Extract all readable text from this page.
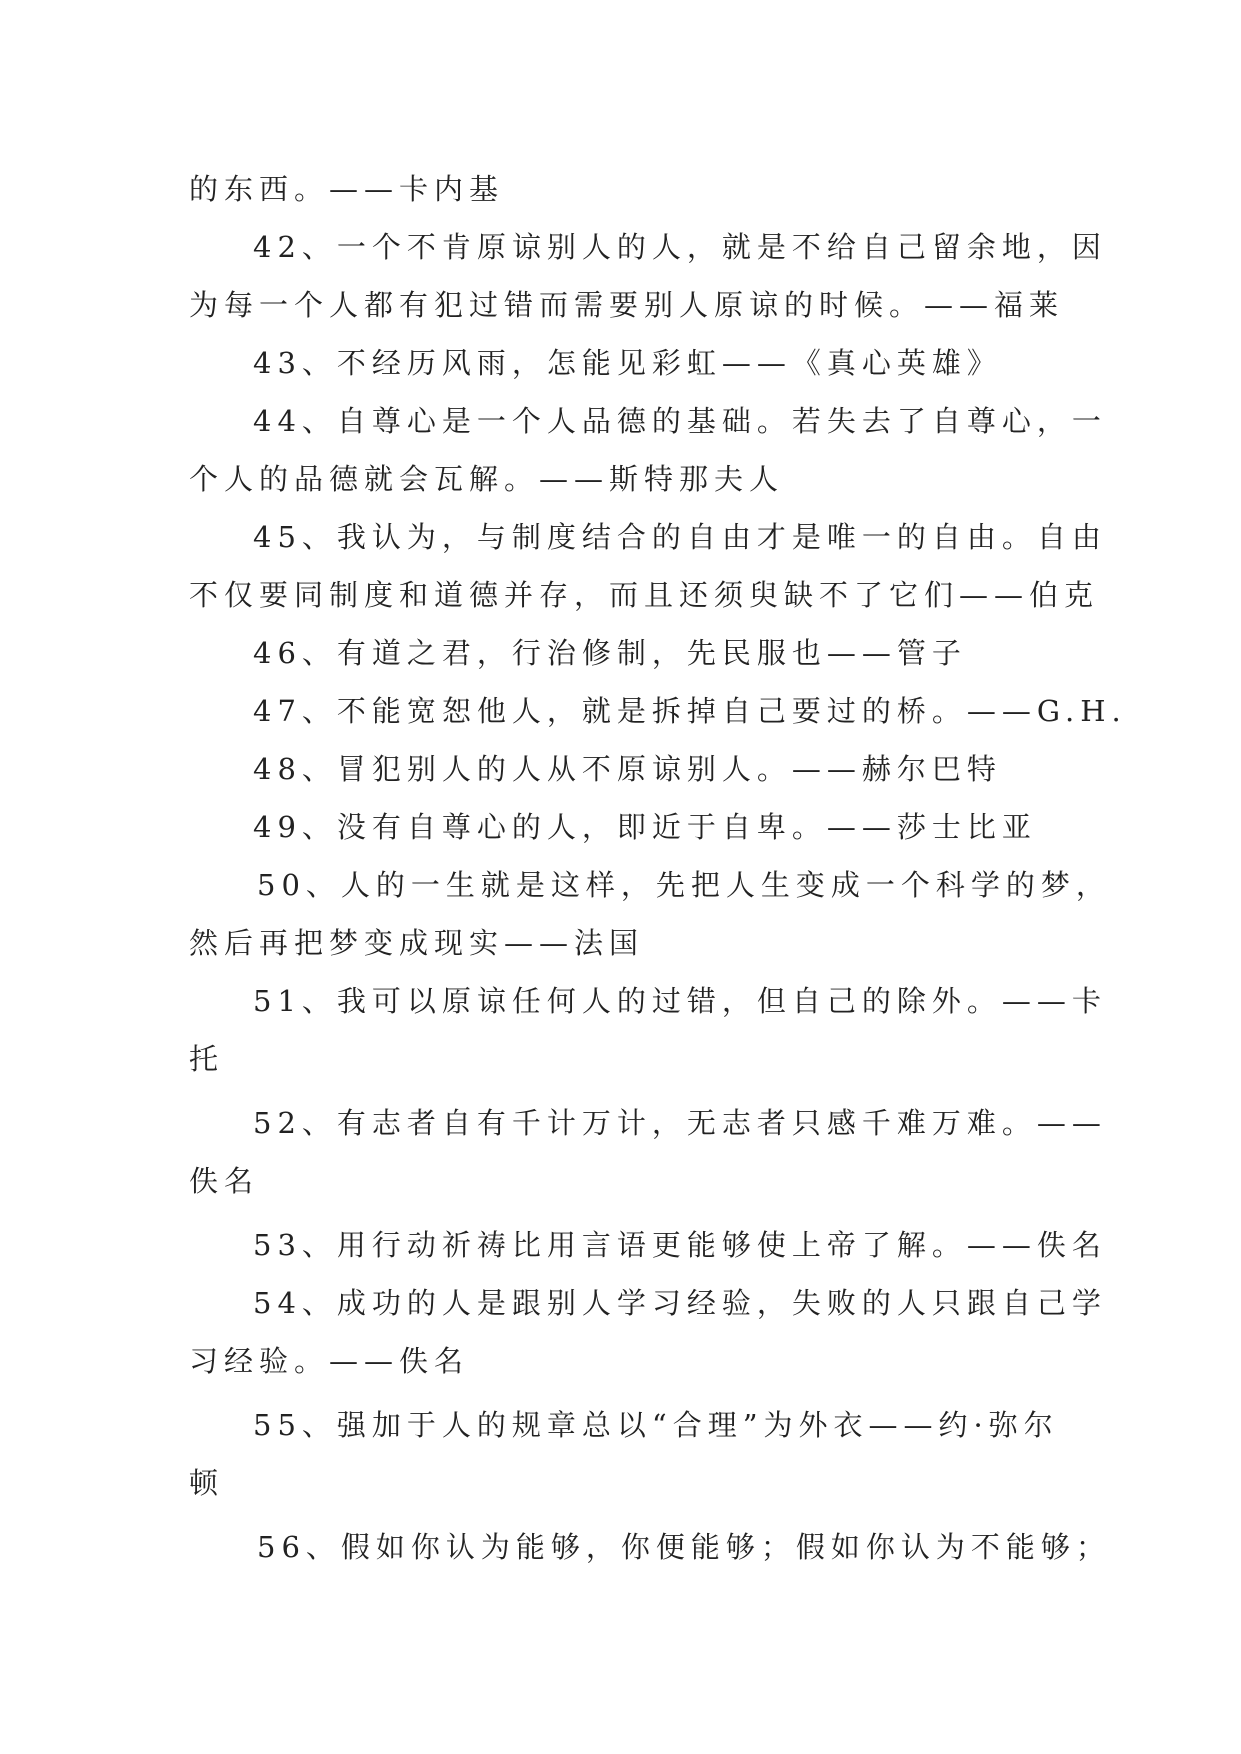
的东西。——卡内基
42、一个不肯原谅别人的人，就是不给自己留余地，因
为每一个人都有犯过错而需要别人原谅的时候。——福莱
43、不经历风雨，怎能见彩虹——《真心英雄》
44、自尊心是一个人品德的基础。若失去了自尊心，一
个人的品德就会瓦解。——斯特那夫人
45、我认为，与制度结合的自由才是唯一的自由。自由
不仅要同制度和道德并存，而且还须臾缺不了它们——伯克
46、有道之君，行治修制，先民服也——管子
47、不能宽恕他人，就是拆掉自己要过的桥。——G.H.
48、冒犯别人的人从不原谅别人。——赫尔巴特
49、没有自尊心的人，即近于自卑。——莎士比亚
50、人的一生就是这样，先把人生变成一个科学的梦，
然后再把梦变成现实——法国
51、我可以原谅任何人的过错，但自己的除外。——卡
托
52、有志者自有千计万计，无志者只感千难万难。——
佚名
53、用行动祈祷比用言语更能够使上帝了解。——佚名
54、成功的人是跟别人学习经验，失败的人只跟自己学
习经验。——佚名
55、强加于人的规章总以“合理”为外衣——约·弥尔
顿
56、假如你认为能够，你便能够；假如你认为不能够；
